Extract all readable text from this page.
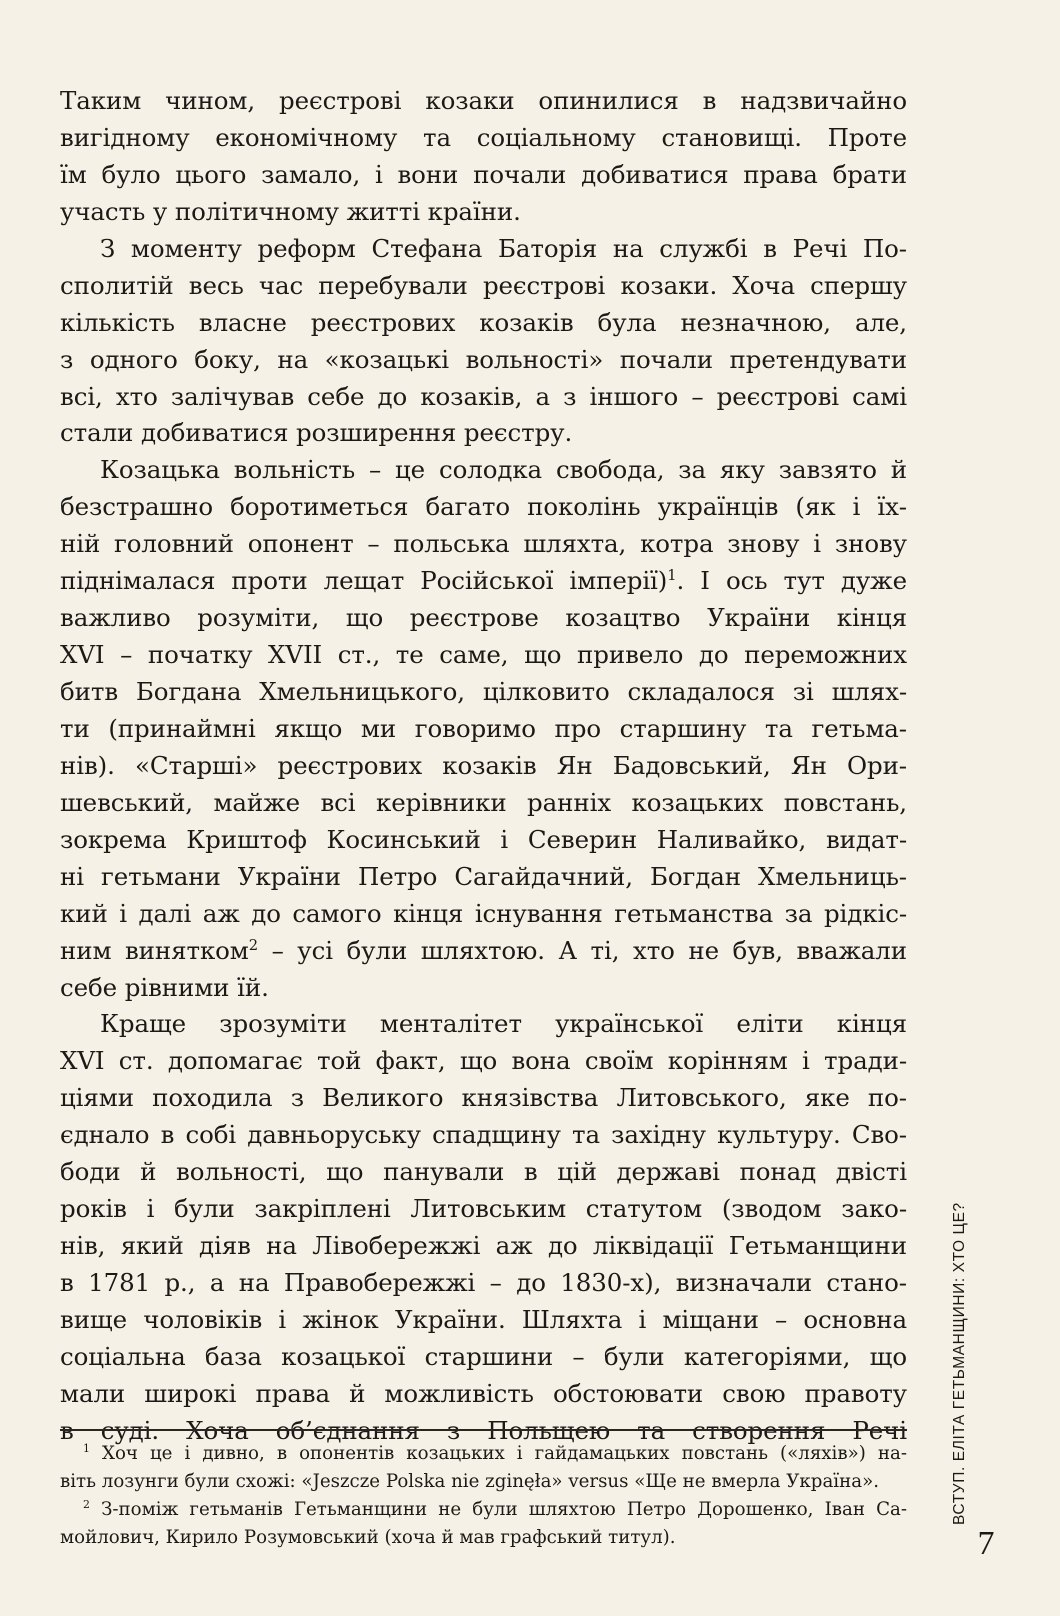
Таким чином, реєстрові козаки опинилися в надзвичайно
вигідному економічному та соціальному становищі. Проте
їм було цього замало, і вони почали добиватися права брати
участь у політичному житті країни.
З моменту реформ Стефана Баторія на службі в Речі По-
сполитій весь час перебували реєстрові козаки. Хоча спершу
кількість власне реєстрових козаків була незначною, але,
з одного боку, на «козацькі вольності» почали претендувати
всі, хто залічував себе до козаків, а з іншого – реєстрові самі
стали добиватися розширення реєстру.
Козацька вольність – це солодка свобода, за яку завзято й
безстрашно боротиметься багато поколінь українців (як і їх-
ній головний опонент – польська шляхта, котра знову і знову
піднімалася проти лещат Російської імперії)$^1$. І ось тут дуже
важливо розуміти, що реєстрове козацтво України кінця
XVI – початку XVII ст., те саме, що привело до переможних
битв Богдана Хмельницького, цілковито складалося зі шлях-
ти (принаймні якщо ми говоримо про старшину та гетьма-
нів). «Старші» реєстрових козаків Ян Бадовський, Ян Ори-
шевський, майже всі керівники ранніх козацьких повстань,
зокрема Криштоф Косинський і Северин Наливайко, видат-
ні гетьмани України Петро Сагайдачний, Богдан Хмельниць-
кий і далі аж до самого кінця існування гетьманства за рідкіс-
ним винятком$^2$ – усі були шляхтою. А ті, хто не був, вважали
себе рівними їй.
Краще зрозуміти менталітет української еліти кінця
XVI ст. допомагає той факт, що вона своїм корінням і тради-
ціями походила з Великого князівства Литовського, яке по-
єднало в собі давньоруську спадщину та західну культуру. Сво-
боди й вольності, що панували в цій державі понад двісті
років і були закріплені Литовським статутом (зводом зако-
нів, який діяв на Лівобережжі аж до ліквідації Гетьманщини
в 1781 р., а на Правобережжі – до 1830-х), визначали стано-
вище чоловіків і жінок України. Шляхта і міщани – основна
соціальна база козацької старшини – були категоріями, що
мали широкі права й можливість обстоювати свою правоту
в суді. Хоча об’єднання з Польщею та створення Речі
$^1$ Хоч це і дивно, в опонентів козацьких і гайдамацьких повстань («ляхів») на-
віть лозунги були схожі: «Jeszcze Polska nie zginęła» versus «Ще не вмерла Україна».
$^2$ З-поміж гетьманів Гетьманщини не були шляхтою Петро Дорошенко, Іван Са-
мойлович, Кирило Розумовський (хоча й мав графський титул).
ВСТУП. ЕЛІТА ГЕТЬМАНЩИНИ: ХТО ЦЕ?
7
